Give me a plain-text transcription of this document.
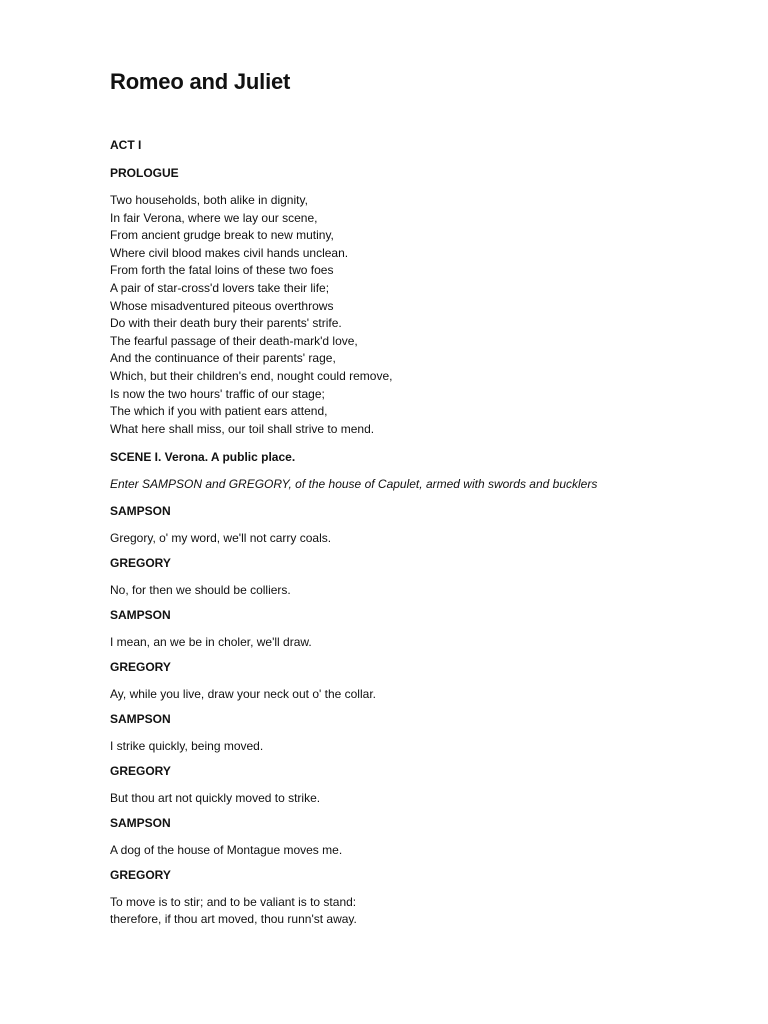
Romeo and Juliet
ACT I
PROLOGUE

Two households, both alike in dignity,
In fair Verona, where we lay our scene,
From ancient grudge break to new mutiny,
Where civil blood makes civil hands unclean.
From forth the fatal loins of these two foes
A pair of star-cross'd lovers take their life;
Whose misadventured piteous overthrows
Do with their death bury their parents' strife.
The fearful passage of their death-mark'd love,
And the continuance of their parents' rage,
Which, but their children's end, nought could remove,
Is now the two hours' traffic of our stage;
The which if you with patient ears attend,
What here shall miss, our toil shall strive to mend.

SCENE I. Verona. A public place.

Enter SAMPSON and GREGORY, of the house of Capulet, armed with swords and bucklers

SAMPSON
Gregory, o' my word, we'll not carry coals.
GREGORY
No, for then we should be colliers.
SAMPSON
I mean, an we be in choler, we'll draw.
GREGORY
Ay, while you live, draw your neck out o' the collar.
SAMPSON
I strike quickly, being moved.
GREGORY
But thou art not quickly moved to strike.
SAMPSON
A dog of the house of Montague moves me.
GREGORY
To move is to stir; and to be valiant is to stand:
therefore, if thou art moved, thou runn'st away.
